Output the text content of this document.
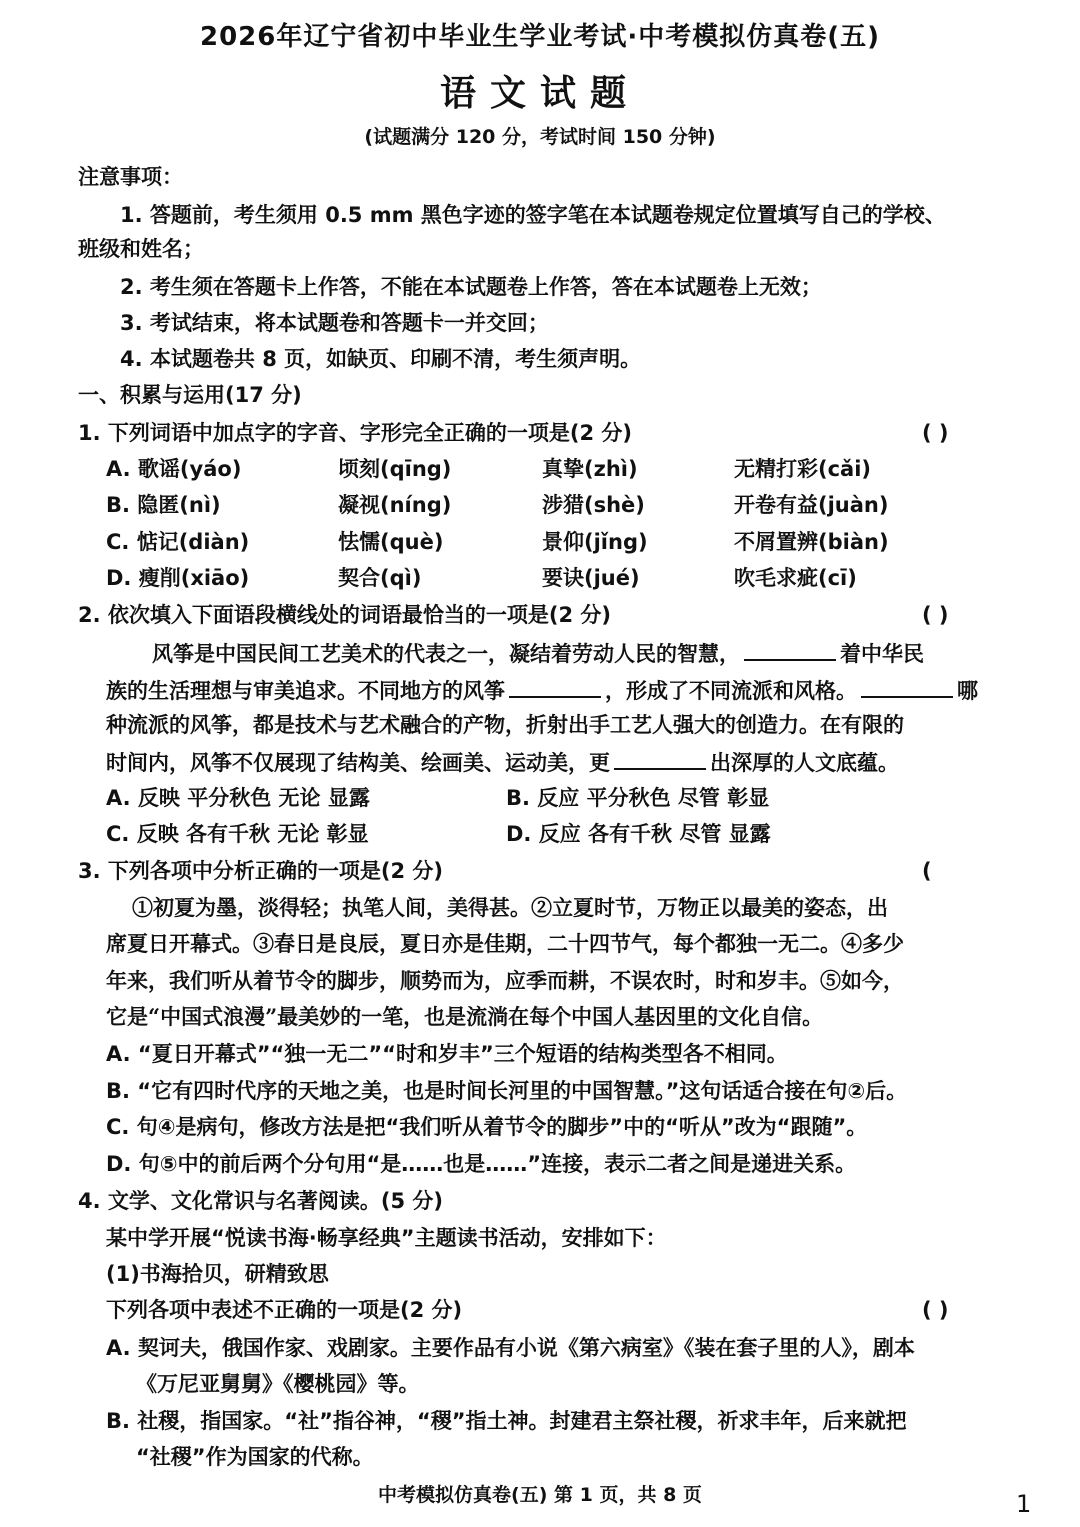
2026年辽宁省初中毕业生学业考试·中考模拟仿真卷(五)
语文试题
(试题满分 120 分，考试时间 150 分钟)
注意事项：
1. 答题前，考生须用 0.5 mm 黑色字迹的签字笔在本试题卷规定位置填写自己的学校、
班级和姓名；
2. 考生须在答题卡上作答，不能在本试题卷上作答，答在本试题卷上无效；
3. 考试结束，将本试题卷和答题卡一并交回；
4. 本试题卷共 8 页，如缺页、印刷不清，考生须声明。
一、积累与运用(17 分)
1. 下列词语中加点字的字音、字形完全正确的一项是(2 分)	( )
A. 歌谣(yáo)	顷刻(qīng)	真挚(zhì)	无精打彩(cǎi)
B. 隐匿(nì)	凝视(níng)	涉猎(shè)	开卷有益(juàn)
C. 惦记(diàn)	怯懦(què)	景仰(jǐng)	不屑置辨(biàn)
D. 瘦削(xiāo)	契合(qì)	要诀(jué)	吹毛求疵(cī)
2. 依次填入下面语段横线处的词语最恰当的一项是(2 分)	( )
风筝是中国民间工艺美术的代表之一，凝结着劳动人民的智慧，	着中华民
族的生活理想与审美追求。不同地方的风筝	，形成了不同流派和风格。	哪
种流派的风筝，都是技术与艺术融合的产物，折射出手工艺人强大的创造力。在有限的
时间内，风筝不仅展现了结构美、绘画美、运动美，更	出深厚的人文底蕴。
A. 反映 平分秋色 无论 显露	B. 反应 平分秋色 尽管 彰显
C. 反映 各有千秋 无论 彰显	D. 反应 各有千秋 尽管 显露
3. 下列各项中分析正确的一项是(2 分)	(
①初夏为墨，淡得轻；执笔人间，美得甚。②立夏时节，万物正以最美的姿态，出
席夏日开幕式。③春日是良辰，夏日亦是佳期，二十四节气，每个都独一无二。④多少
年来，我们听从着节令的脚步，顺势而为，应季而耕，不误农时，时和岁丰。⑤如今，
它是“中国式浪漫”最美妙的一笔，也是流淌在每个中国人基因里的文化自信。
A. “夏日开幕式”“独一无二”“时和岁丰”三个短语的结构类型各不相同。
B. “它有四时代序的天地之美，也是时间长河里的中国智慧。”这句话适合接在句②后。
C. 句④是病句，修改方法是把“我们听从着节令的脚步”中的“听从”改为“跟随”。
D. 句⑤中的前后两个分句用“是……也是……”连接，表示二者之间是递进关系。
4. 文学、文化常识与名著阅读。(5 分)
某中学开展“悦读书海·畅享经典”主题读书活动，安排如下：
(1)书海拾贝，研精致思
下列各项中表述不正确的一项是(2 分)	( )
A. 契诃夫，俄国作家、戏剧家。主要作品有小说《第六病室》《装在套子里的人》，剧本
《万尼亚舅舅》《樱桃园》等。
B. 社稷，指国家。“社”指谷神，“稷”指土神。封建君主祭社稷，祈求丰年，后来就把
“社稷”作为国家的代称。
中考模拟仿真卷(五) 第 1 页，共 8 页	1
